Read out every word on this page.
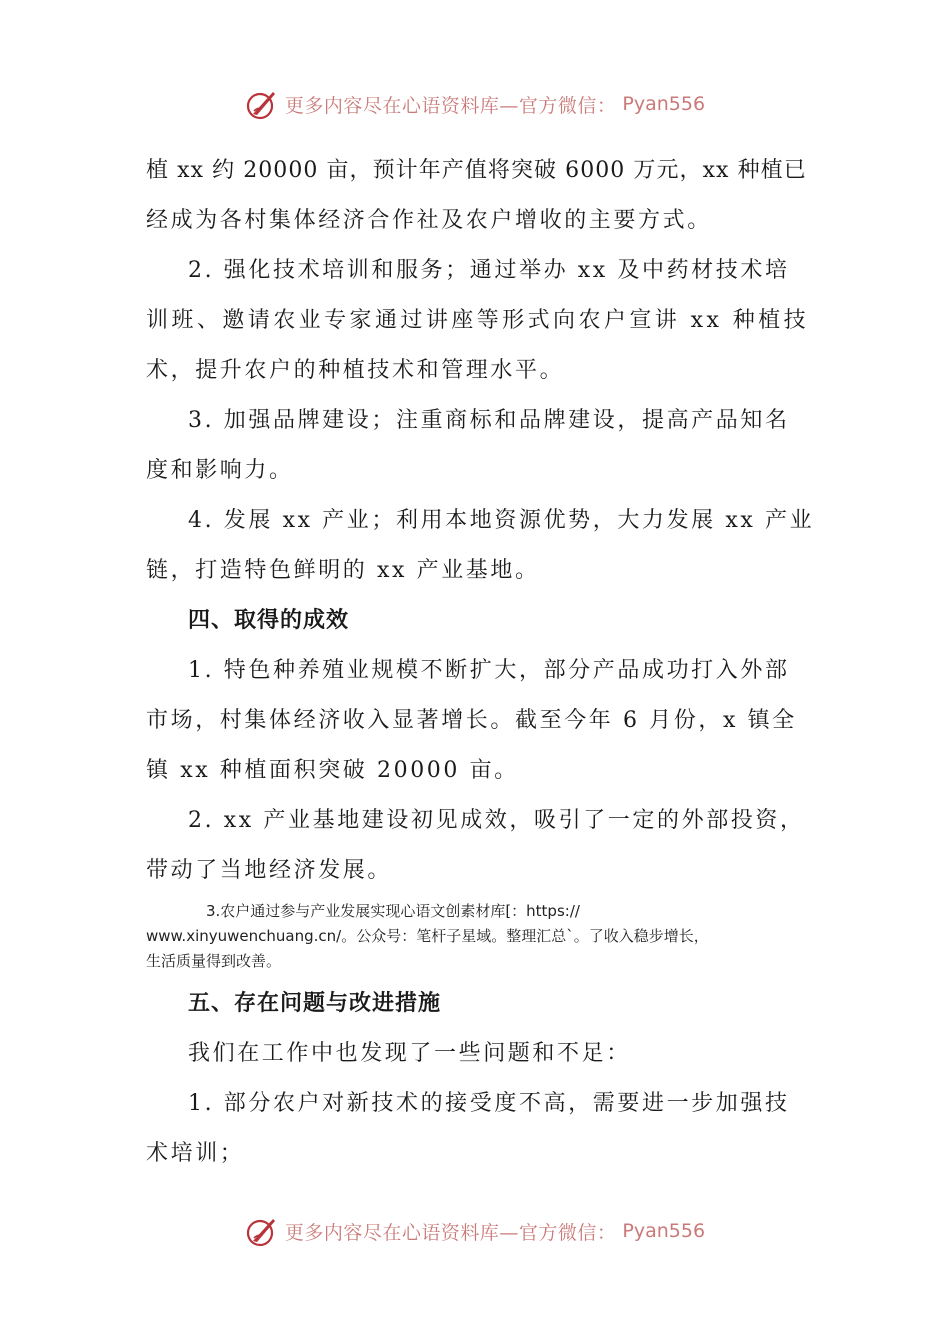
更多内容尽在心语资料库—官方微信： Pyan556
植
x x
约
2 0 0 0 0
亩 ， 预 计 年 产 值 将 突 破
6 0 0 0
万 元 ， x x
种 植 已
经成为各村集体经济合作社及农户增收的主要方式。
2. 强化技术培训和服务；通过举办 xx 及中药材技术培
训 班 、 邀 请 农 业 专 家 通 过 讲 座 等 形 式 向 农 户 宣 讲
x x
种 植 技
术，提升农户的种植技术和管理水平。
3. 加强品牌建设；注重商标和品牌建设，提高产品知名
度和影响力。
4. 发展 xx 产业；利用本地资源优势，大力发展 xx 产业
链，打造特色鲜明的 xx 产业基地。
四、取得的成效
1. 特色种养殖业规模不断扩大，部分产品成功打入外部
市场，村集体经济收入显著增长。截至今年 6 月份，x 镇全
镇 xx 种植面积突破 20000 亩。
2. xx 产业基地建设初见成效，吸引了一定的外部投资，
带动了当地经济发展。
3.农户通过参与产业发展实现心语文创素材库[：https://
www.xinyuwenchuang.cn/。公众号：笔杆子星域。整理汇总`。了收入稳步增长，
生活质量得到改善。
五、存在问题与改进措施
我们在工作中也发现了一些问题和不足：
1. 部分农户对新技术的接受度不高，需要进一步加强技
术培训；
更多内容尽在心语资料库—官方微信： Pyan556
